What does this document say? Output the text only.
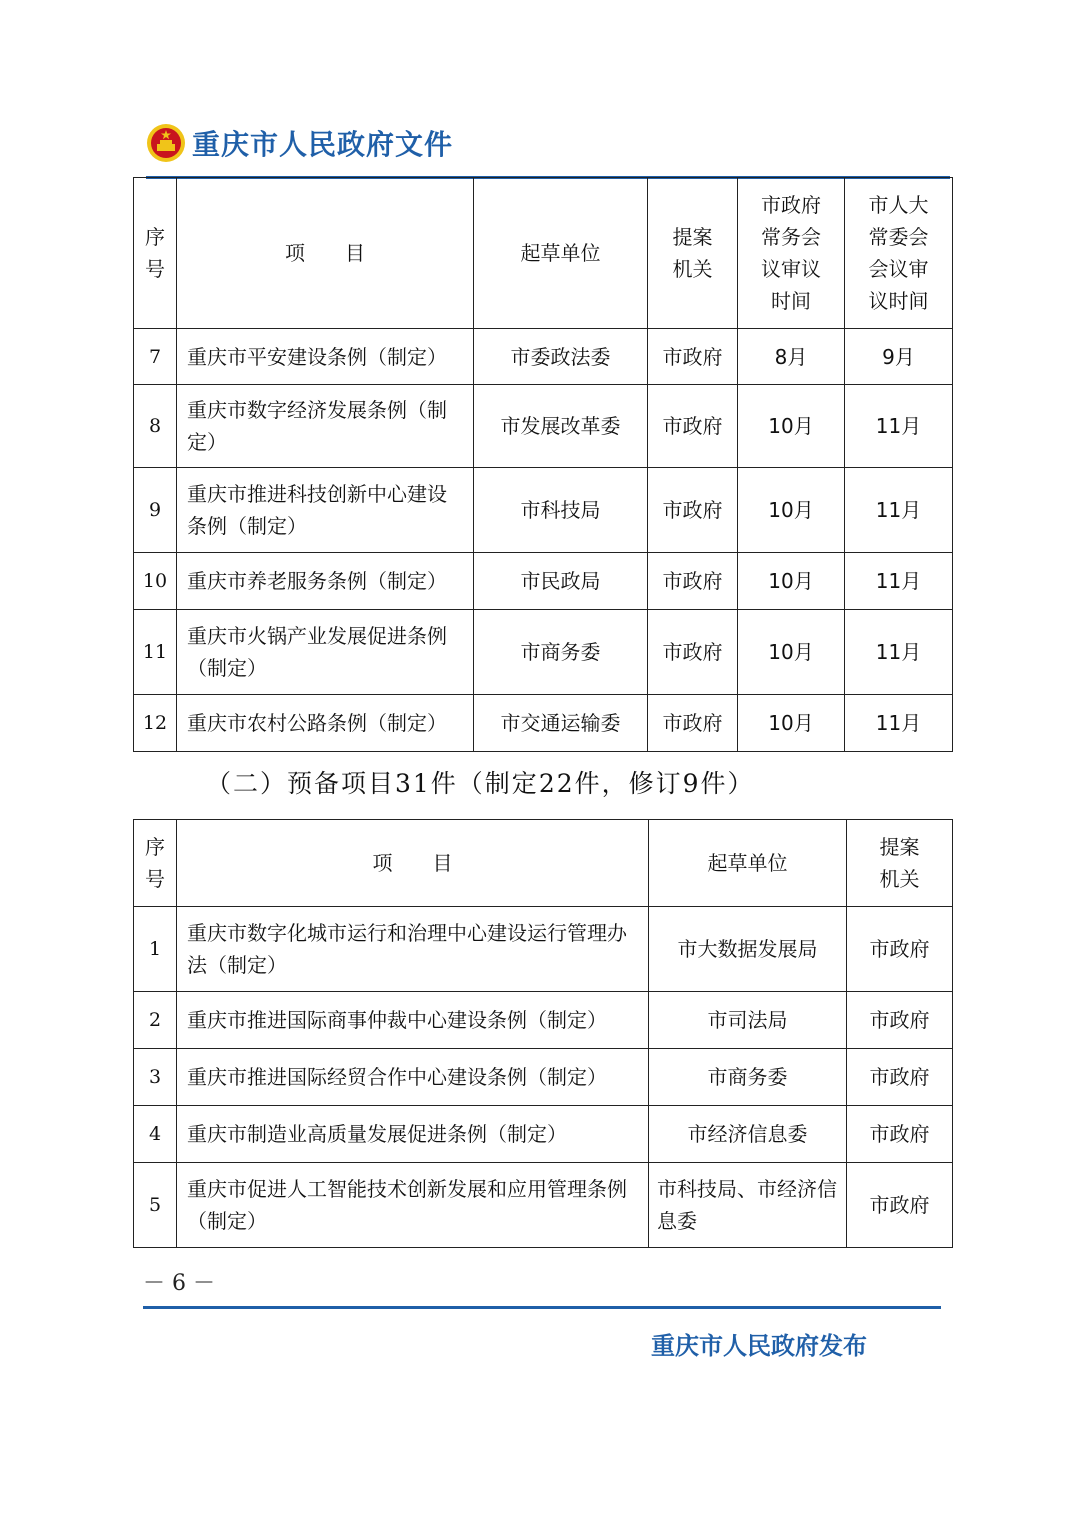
重庆市人民政府文件
序号	项　　目	起草单位	提案机关	市政府常务会议审议时间	市人大常委会会议审议时间
7	重庆市平安建设条例（制定）	市委政法委	市政府	8月	9月
8	重庆市数字经济发展条例（制定）	市发展改革委	市政府	10月	11月
9	重庆市推进科技创新中心建设条例（制定）	市科技局	市政府	10月	11月
10	重庆市养老服务条例（制定）	市民政局	市政府	10月	11月
11	重庆市火锅产业发展促进条例（制定）	市商务委	市政府	10月	11月
12	重庆市农村公路条例（制定）	市交通运输委	市政府	10月	11月
（二）预备项目31件（制定22件，修订9件）
序号	项　　目	起草单位	提案机关
1	重庆市数字化城市运行和治理中心建设运行管理办法（制定）	市大数据发展局	市政府
2	重庆市推进国际商事仲裁中心建设条例（制定）	市司法局	市政府
3	重庆市推进国际经贸合作中心建设条例（制定）	市商务委	市政府
4	重庆市制造业高质量发展促进条例（制定）	市经济信息委	市政府
5	重庆市促进人工智能技术创新发展和应用管理条例（制定）	市科技局、市经济信息委	市政府
－ 6 －
重庆市人民政府发布
